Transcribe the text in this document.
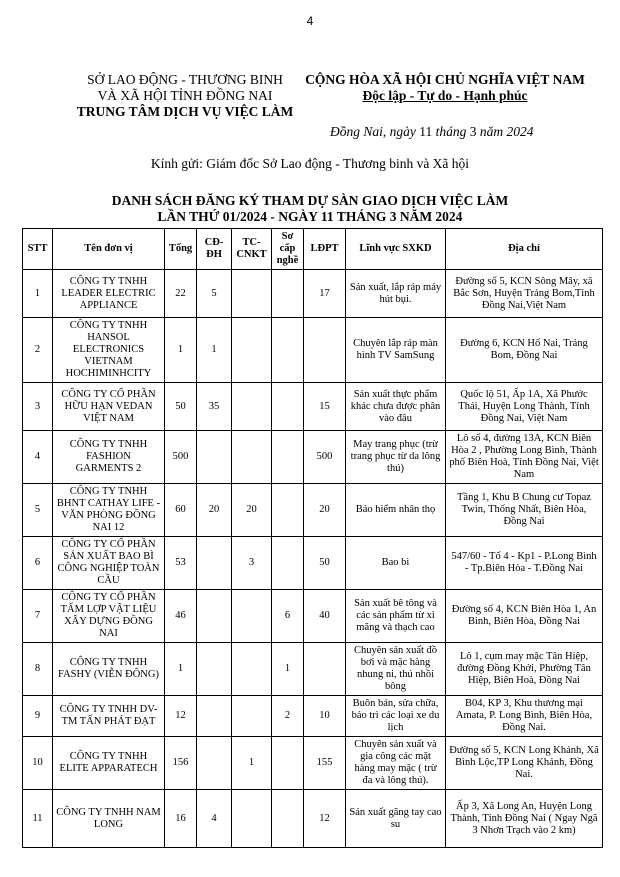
4
SỞ LAO ĐỘNG - THƯƠNG BINH
VÀ XÃ HỘI TỈNH ĐỒNG NAI
TRUNG TÂM DỊCH VỤ VIỆC LÀM
CỘNG HÒA XÃ HỘI CHỦ NGHĨA VIỆT NAM
Độc lập - Tự do - Hạnh phúc
Đồng Nai, ngày 11 tháng 3 năm 2024
Kính gửi: Giám đốc Sở Lao động - Thương binh và Xã hội
DANH SÁCH ĐĂNG KÝ THAM DỰ SÀN GIAO DỊCH VIỆC LÀM
LẦN THỨ 01/2024 - NGÀY 11 THÁNG 3 NĂM 2024
STT	Tên đơn vị	Tổng	CĐ-ĐH	TC-CNKT	Sơ cấp nghề	LĐPT	Lĩnh vực SXKD	Địa chỉ
1	CÔNG TY TNHH LEADER ELECTRIC APPLIANCE	22	5			17	Sản xuất, lắp ráp máy hút bụi.	Đường số 5, KCN Sông Mây, xã Bắc Sơn, Huyện Trảng Bom,Tỉnh Đồng Nai,Việt Nam
2	CÔNG TY TNHH HANSOL ELECTRONICS VIETNAM HOCHIMINHCITY	1	1				Chuyên lắp ráp màn hình TV SamSung	Đường 6, KCN Hố Nai, Trảng Bom, Đồng Nai
3	CÔNG TY CỔ PHẦN HỮU HẠN VEDAN VIỆT NAM	50	35			15	Sản xuất thực phẩm khác chưa được phân vào đâu	Quốc lộ 51, Ấp 1A, Xã Phước Thái, Huyện Long Thành, Tỉnh Đồng Nai, Việt Nam
4	CÔNG TY TNHH FASHION GARMENTS 2	500				500	May trang phục (trừ trang phục từ da lông thú)	Lô số 4, đường 13A, KCN Biên Hòa 2 , Phường Long Bình, Thành phố Biên Hoà, Tỉnh Đồng Nai, Việt Nam
5	CÔNG TY TNHH BHNT CATHAY LIFE - VĂN PHÒNG ĐỒNG NAI 12	60	20	20		20	Bảo hiểm nhân thọ	Tầng 1, Khu B Chung cư Topaz Twin, Thống Nhất, Biên Hòa, Đồng Nai
6	CÔNG TY CỔ PHẦN SẢN XUẤT BAO BÌ CÔNG NGHIỆP TOÀN CẦU	53		3		50	Bao bì	547/60 - Tổ 4 - Kp1 - P.Long Bình - Tp.Biên Hòa - T.Đồng Nai
7	CÔNG TY CỔ PHẦN TẤM LỢP VẬT LIỆU XÂY DỰNG ĐỒNG NAI	46			6	40	Sản xuất bê tông và các sản phẩm từ xi măng và thạch cao	Đường số 4, KCN Biên Hòa 1, An Bình, Biên Hòa, Đồng Nai
8	CÔNG TY TNHH FASHY (VIỄN ĐÔNG)	1			1		Chuyên sản xuất đồ bơi và mặc hàng nhung ni, thú nhồi bông	Lô 1, cụm may mặc Tân Hiệp, đường Đồng Khởi, Phường Tân Hiệp, Biên Hoà, Đồng Nai
9	CÔNG TY TNHH DV-TM TẤN PHÁT ĐẠT	12			2	10	Buôn bán, sửa chữa, bảo trì các loại xe du lịch	B04, KP 3, Khu thương mại Amata, P. Long Bình, Biên Hòa, Đồng Nai.
10	CÔNG TY TNHH ELITE APPARATECH	156		1		155	Chuyên sản xuất và gia công các mặt hàng may mặc ( trừ đa và lông thú).	Đường số 5, KCN Long Khánh, Xã Bình Lộc,TP Long Khánh, Đồng Nai.
11	CÔNG TY TNHH NAM LONG	16	4			12	Sản xuất găng tay cao su	Ấp 3, Xã Long An, Huyện Long Thành, Tỉnh Đồng Nai ( Ngay Ngã 3 Nhơn Trạch vào 2 km)
